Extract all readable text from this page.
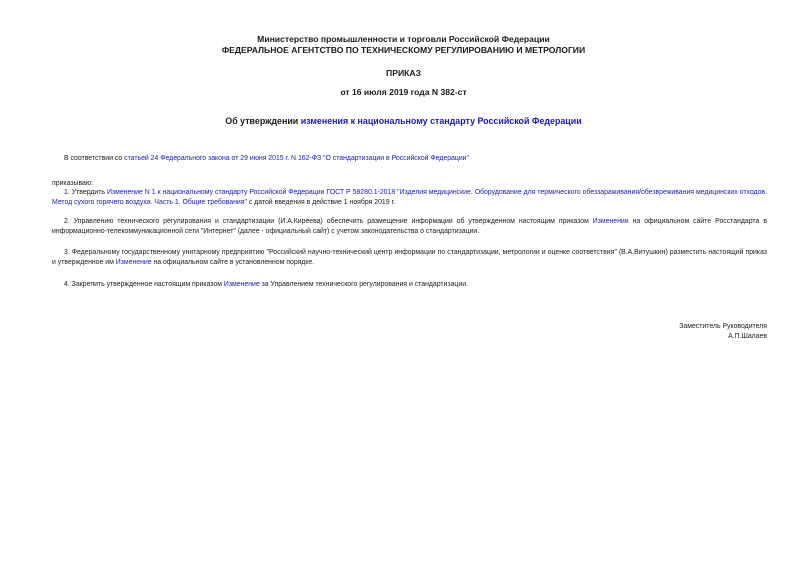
Министерство промышленности и торговли Российской Федерации
ФЕДЕРАЛЬНОЕ АГЕНТСТВО ПО ТЕХНИЧЕСКОМУ РЕГУЛИРОВАНИЮ И МЕТРОЛОГИИ
ПРИКАЗ
от 16 июля 2019 года N 382-ст
Об утверждении изменения к национальному стандарту Российской Федерации
В соответствии со статьей 24 Федерального закона от 29 июня 2015 г. N 162-ФЗ "О стандартизации в Российской Федерации"
приказываю:
1. Утвердить Изменение N 1 к национальному стандарту Российской Федерации ГОСТ Р 58280.1-2018 "Изделия медицинские. Оборудование для термического обеззараживания/обезвреживания медицинских отходов. Метод сухого горячего воздуха. Часть 1. Общие требования" с датой введения в действие 1 ноября 2019 г.
2. Управлению технического регулирования и стандартизации (И.А.Киреева) обеспечить размещение информации об утвержденном настоящим приказом Изменении на официальном сайте Росстандарта в информационно-телекоммуникационной сети "Интернет" (далее - официальный сайт) с учетом законодательства о стандартизации.
3. Федеральному государственному унитарному предприятию "Российский научно-технический центр информации по стандартизации, метрологии и оценке соответствия" (В.А.Витушкин) разместить настоящий приказ и утвержденное им Изменение на официальном сайте в установленном порядке.
4. Закрепить утвержденное настоящим приказом Изменение за Управлением технического регулирования и стандартизации.
Заместитель Руководителя
А.П.Шалаев
